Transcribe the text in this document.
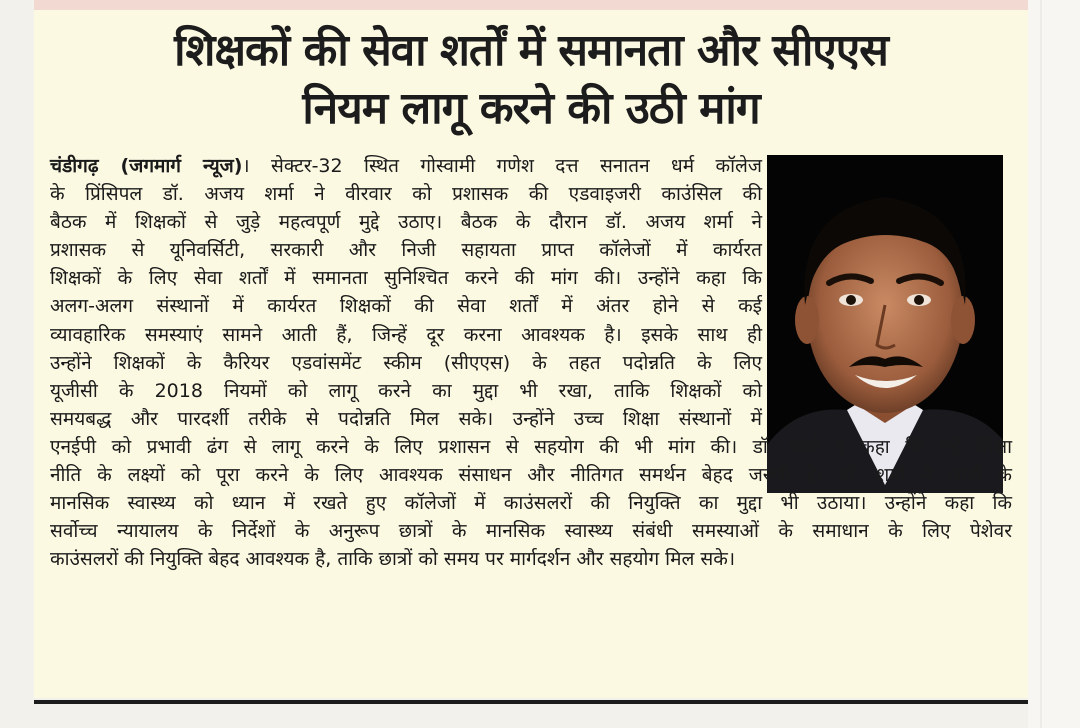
शिक्षकों की सेवा शर्तों में समानता और सीएएस
नियम लागू करने की उठी मांग
चंडीगढ़ (जगमार्ग न्यूज)। सेक्टर-32 स्थित गोस्वामी गणेश दत्त सनातन धर्म कॉलेज
के प्रिंसिपल डॉ. अजय शर्मा ने वीरवार को प्रशासक की एडवाइजरी काउंसिल की
बैठक में शिक्षकों से जुड़े महत्वपूर्ण मुद्दे उठाए। बैठक के दौरान डॉ. अजय शर्मा ने
प्रशासक से यूनिवर्सिटी, सरकारी और निजी सहायता प्राप्त कॉलेजों में कार्यरत
शिक्षकों के लिए सेवा शर्तों में समानता सुनिश्चित करने की मांग की। उन्होंने कहा कि
अलग-अलग संस्थानों में कार्यरत शिक्षकों की सेवा शर्तों में अंतर होने से कई
व्यावहारिक समस्याएं सामने आती हैं, जिन्हें दूर करना आवश्यक है। इसके साथ ही
उन्होंने शिक्षकों के कैरियर एडवांसमेंट स्कीम (सीएएस) के तहत पदोन्नति के लिए
यूजीसी के 2018 नियमों को लागू करने का मुद्दा भी रखा, ताकि शिक्षकों को
समयबद्ध और पारदर्शी तरीके से पदोन्नति मिल सके। उन्होंने उच्च शिक्षा संस्थानों में
एनईपी को प्रभावी ढंग से लागू करने के लिए प्रशासन से सहयोग की भी मांग की। डॉ. शर्मा ने कहा कि नई शिक्षा
नीति के लक्ष्यों को पूरा करने के लिए आवश्यक संसाधन और नीतिगत समर्थन बेहद जरूरी है। डॉ. शर्मा ने छात्रों के
मानसिक स्वास्थ्य को ध्यान में रखते हुए कॉलेजों में काउंसलरों की नियुक्ति का मुद्दा भी उठाया। उन्होंने कहा कि
सर्वोच्च न्यायालय के निर्देशों के अनुरूप छात्रों के मानसिक स्वास्थ्य संबंधी समस्याओं के समाधान के लिए पेशेवर
काउंसलरों की नियुक्ति बेहद आवश्यक है, ताकि छात्रों को समय पर मार्गदर्शन और सहयोग मिल सके।
